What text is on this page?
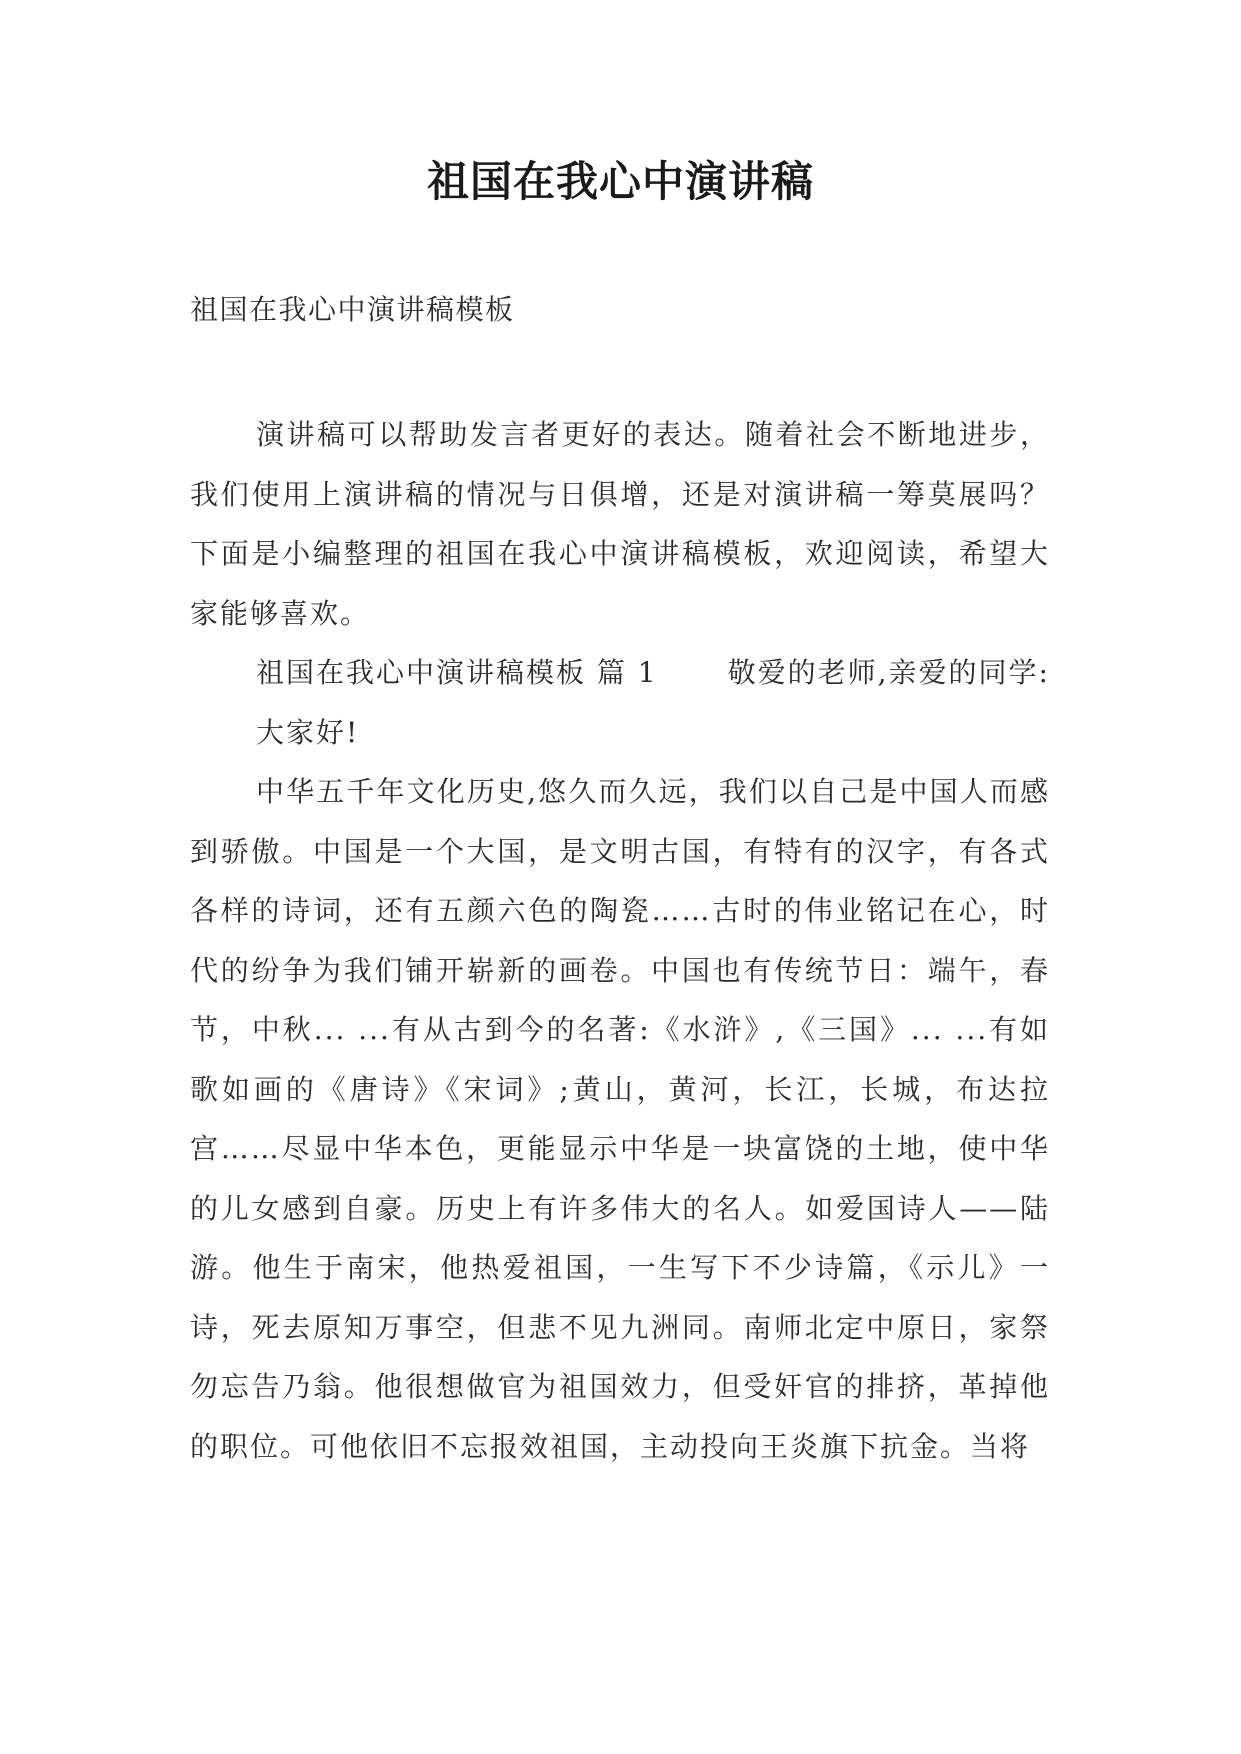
祖国在我心中演讲稿
祖国在我心中演讲稿模板

演讲稿可以帮助发言者更好的表达。随着社会不断地进步，我们使用上演讲稿的情况与日俱增，还是对演讲稿一筹莫展吗？下面是小编整理的祖国在我心中演讲稿模板，欢迎阅读，希望大家能够喜欢。

祖国在我心中演讲稿模板 篇 1	敬爱的老师,亲爱的同学:

大家好!

中华五千年文化历史,悠久而久远，我们以自己是中国人而感到骄傲。中国是一个大国，是文明古国，有特有的汉字，有各式各样的诗词，还有五颜六色的陶瓷……古时的伟业铭记在心，时代的纷争为我们铺开崭新的画卷。中国也有传统节日：端午，春节，中秋... ...有从古到今的名著:《水浒》,《三国》... ...有如歌如画的《唐诗》《宋词》;黄山，黄河，长江，长城，布达拉宫……尽显中华本色，更能显示中华是一块富饶的土地，使中华的儿女感到自豪。历史上有许多伟大的名人。如爱国诗人——陆游。他生于南宋，他热爱祖国，一生写下不少诗篇，《示儿》一诗，死去原知万事空，但悲不见九洲同。南师北定中原日，家祭勿忘告乃翁。他很想做官为祖国效力，但受奸官的排挤，革掉他的职位。可他依旧不忘报效祖国，主动投向王炎旗下抗金。当将
